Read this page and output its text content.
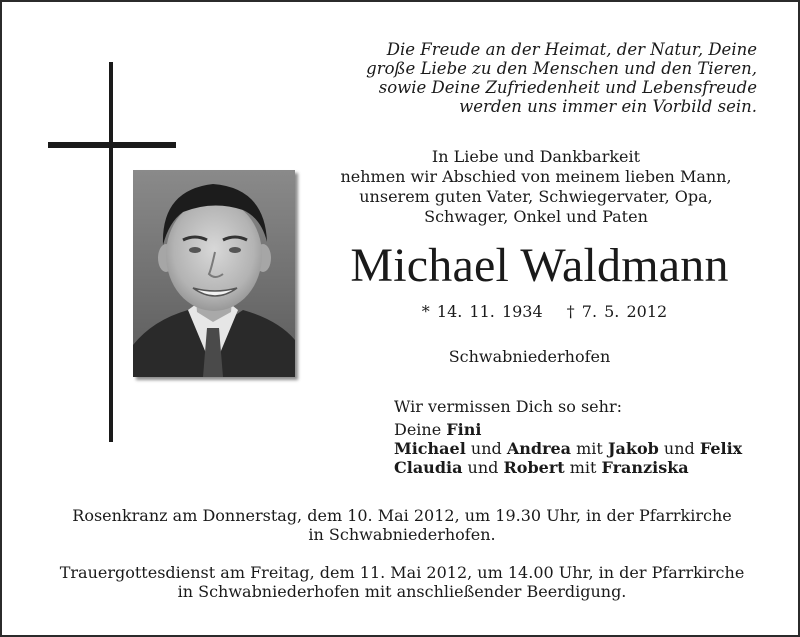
Die Freude an der Heimat, der Natur, Deine
große Liebe zu den Menschen und den Tieren,
sowie Deine Zufriedenheit und Lebensfreude
werden uns immer ein Vorbild sein.
In Liebe und Dankbarkeit
nehmen wir Abschied von meinem lieben Mann,
unserem guten Vater, Schwiegervater, Opa,
Schwager, Onkel und Paten
Michael Waldmann
* 14. 11. 1934 † 7. 5. 2012
Schwabniederhofen
Wir vermissen Dich so sehr:
Deine Fini
Michael und Andrea mit Jakob und Felix
Claudia und Robert mit Franziska
Rosenkranz am Donnerstag, dem 10. Mai 2012, um 19.30 Uhr, in der Pfarrkirche
in Schwabniederhofen.
Trauergottesdienst am Freitag, dem 11. Mai 2012, um 14.00 Uhr, in der Pfarrkirche
in Schwabniederhofen mit anschließender Beerdigung.
